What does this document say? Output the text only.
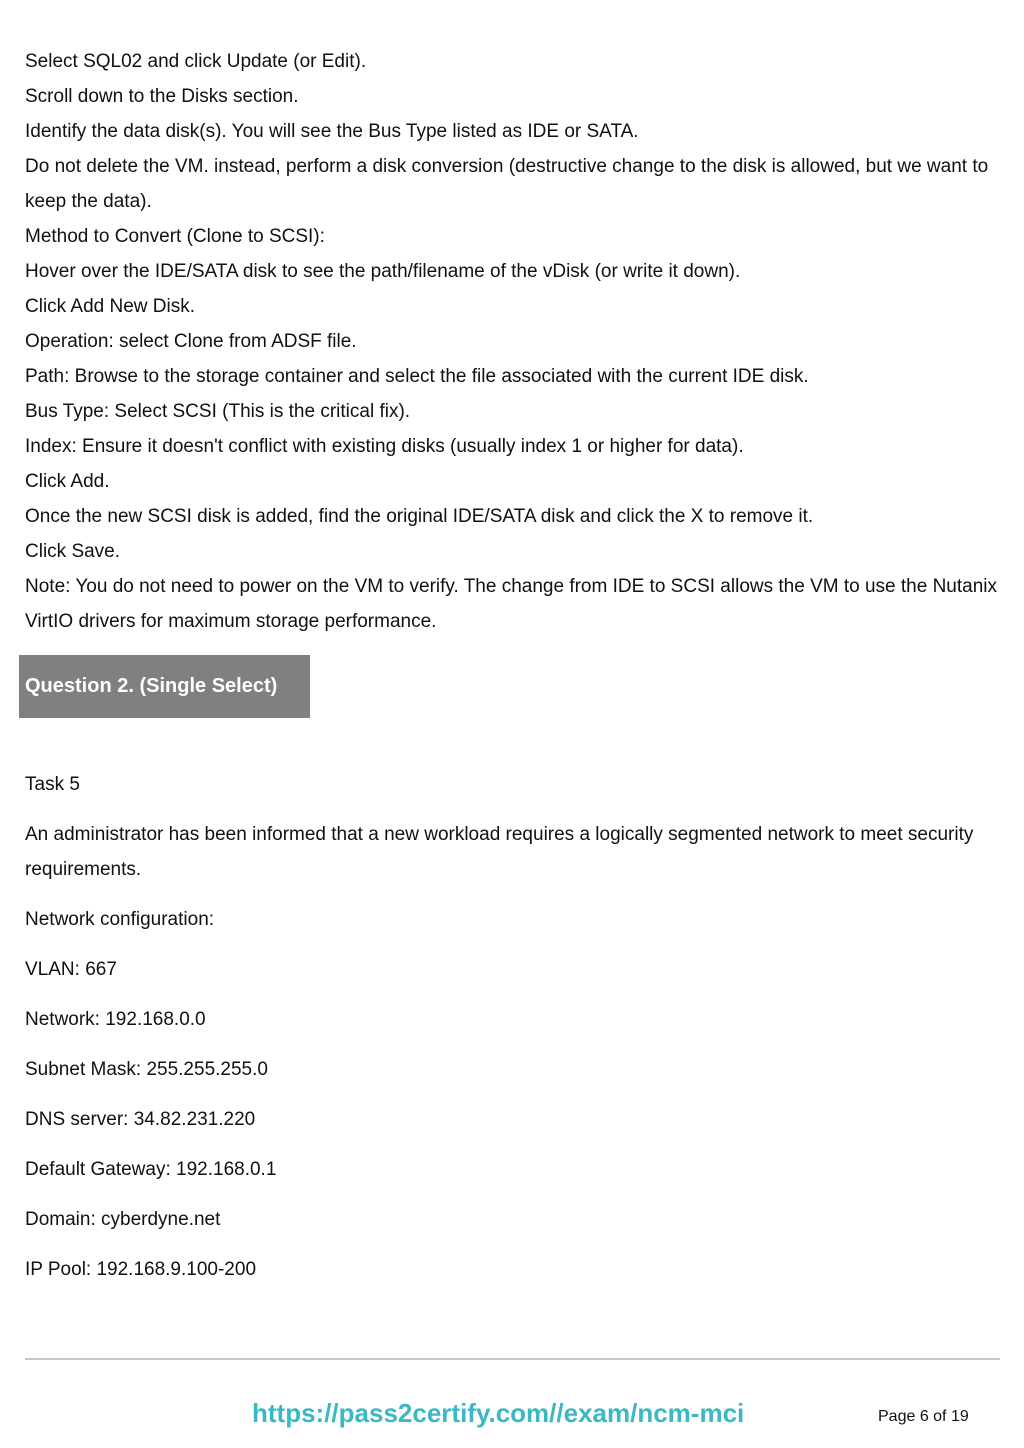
Select SQL02 and click Update (or Edit).
Scroll down to the Disks section.
Identify the data disk(s). You will see the Bus Type listed as IDE or SATA.
Do not delete the VM. instead, perform a disk conversion (destructive change to the disk is allowed, but we want to keep the data).
Method to Convert (Clone to SCSI):
Hover over the IDE/SATA disk to see the path/filename of the vDisk (or write it down).
Click Add New Disk.
Operation: select Clone from ADSF file.
Path: Browse to the storage container and select the file associated with the current IDE disk.
Bus Type: Select SCSI (This is the critical fix).
Index: Ensure it doesn't conflict with existing disks (usually index 1 or higher for data).
Click Add.
Once the new SCSI disk is added, find the original IDE/SATA disk and click the X to remove it.
Click Save.
Note: You do not need to power on the VM to verify. The change from IDE to SCSI allows the VM to use the Nutanix VirtIO drivers for maximum storage performance.
Question 2. (Single Select)

Task 5

An administrator has been informed that a new workload requires a logically segmented network to meet security requirements.

Network configuration:

VLAN: 667

Network: 192.168.0.0

Subnet Mask: 255.255.255.0

DNS server: 34.82.231.220

Default Gateway: 192.168.0.1

Domain: cyberdyne.net

IP Pool: 192.168.9.100-200

https://pass2certify.com//exam/ncm-mci	Page 6 of 19
